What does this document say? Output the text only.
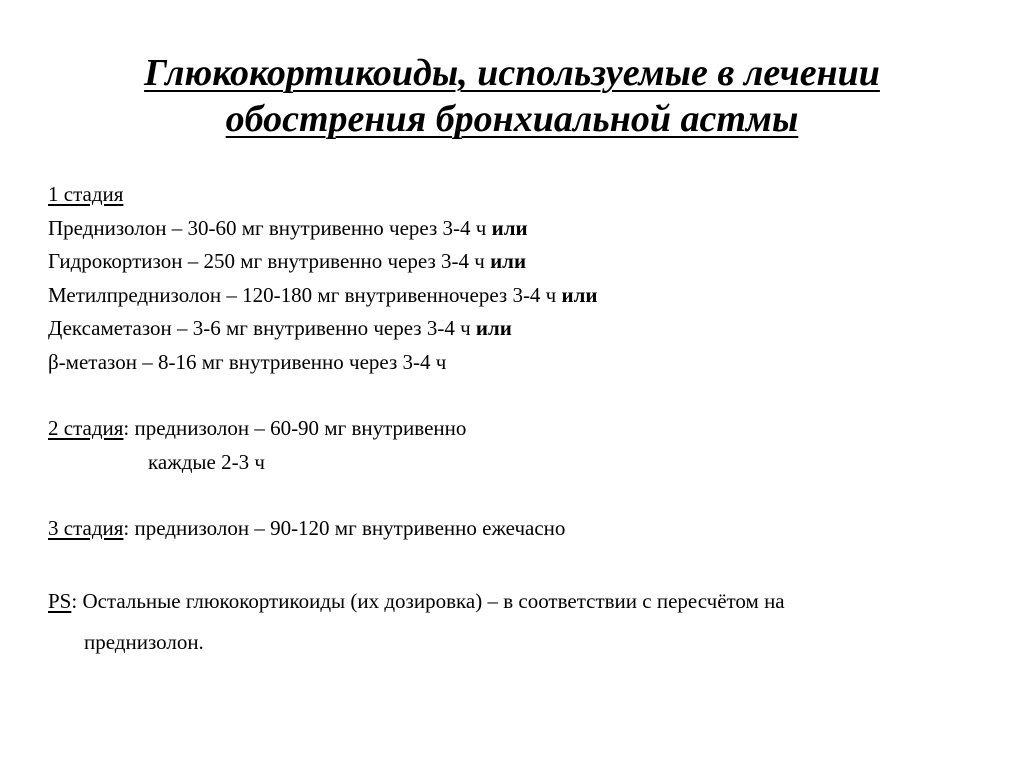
Глюкокортикоиды, используемые в лечении
обострения бронхиальной астмы
1 стадия
Преднизолон – 30-60 мг внутривенно через 3-4 ч или
Гидрокортизон – 250 мг внутривенно через 3-4 ч или
Метилпреднизолон – 120-180 мг внутривенночерез 3-4 ч или
Дексаметазон – 3-6 мг внутривенно через 3-4 ч или
β-метазон – 8-16 мг внутривенно через 3-4 ч
2 стадия: преднизолон – 60-90 мг внутривенно
каждые 2-3 ч
3 стадия: преднизолон – 90-120 мг внутривенно ежечасно
PS: Остальные глюкокортикоиды (их дозировка) – в соответствии с пересчётом на
преднизолон.
